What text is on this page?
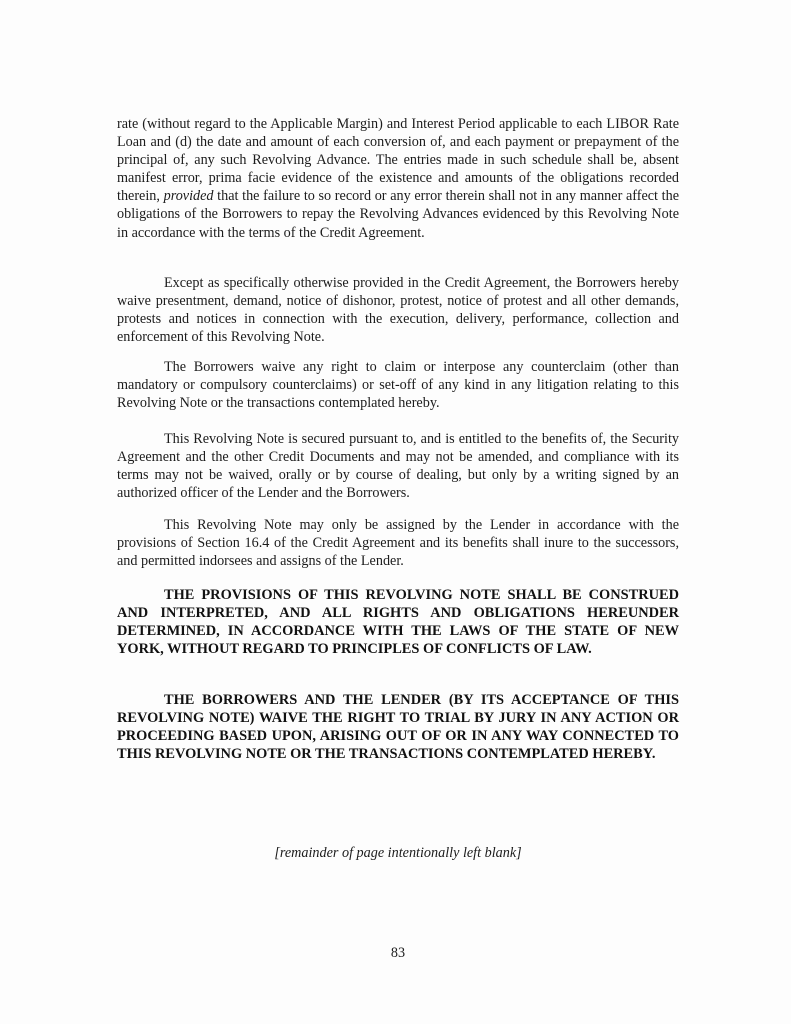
rate (without regard to the Applicable Margin) and Interest Period applicable to each LIBOR Rate Loan and (d) the date and amount of each conversion of, and each payment or prepayment of the principal of, any such Revolving Advance. The entries made in such schedule shall be, absent manifest error, prima facie evidence of the existence and amounts of the obligations recorded therein, provided that the failure to so record or any error therein shall not in any manner affect the obligations of the Borrowers to repay the Revolving Advances evidenced by this Revolving Note in accordance with the terms of the Credit Agreement.

Except as specifically otherwise provided in the Credit Agreement, the Borrowers hereby waive presentment, demand, notice of dishonor, protest, notice of protest and all other demands, protests and notices in connection with the execution, delivery, performance, collection and enforcement of this Revolving Note.

The Borrowers waive any right to claim or interpose any counterclaim (other than mandatory or compulsory counterclaims) or set-off of any kind in any litigation relating to this Revolving Note or the transactions contemplated hereby.

This Revolving Note is secured pursuant to, and is entitled to the benefits of, the Security Agreement and the other Credit Documents and may not be amended, and compliance with its terms may not be waived, orally or by course of dealing, but only by a writing signed by an authorized officer of the Lender and the Borrowers.

This Revolving Note may only be assigned by the Lender in accordance with the provisions of Section 16.4 of the Credit Agreement and its benefits shall inure to the successors, and permitted indorsees and assigns of the Lender.

THE PROVISIONS OF THIS REVOLVING NOTE SHALL BE CONSTRUED AND INTERPRETED, AND ALL RIGHTS AND OBLIGATIONS HEREUNDER DETERMINED, IN ACCORDANCE WITH THE LAWS OF THE STATE OF NEW YORK, WITHOUT REGARD TO PRINCIPLES OF CONFLICTS OF LAW.

THE BORROWERS AND THE LENDER (BY ITS ACCEPTANCE OF THIS REVOLVING NOTE) WAIVE THE RIGHT TO TRIAL BY JURY IN ANY ACTION OR PROCEEDING BASED UPON, ARISING OUT OF OR IN ANY WAY CONNECTED TO THIS REVOLVING NOTE OR THE TRANSACTIONS CONTEMPLATED HEREBY.

[remainder of page intentionally left blank]

83
